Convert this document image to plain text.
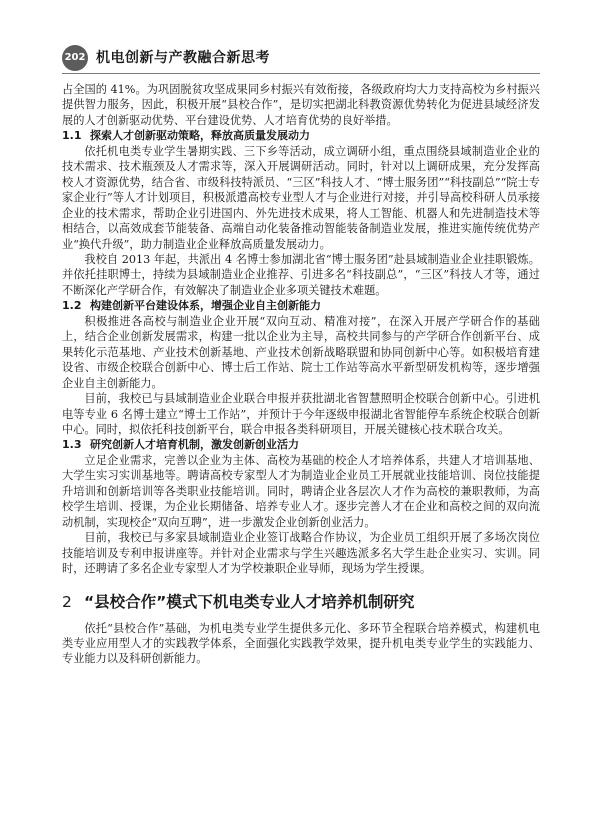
202 机电创新与产教融合新思考

占全国的 41%。为巩固脱贫攻坚成果同乡村振兴有效衔接，各级政府均大力支持高校为乡村振兴提供智力服务，因此，积极开展“县校合作”，是切实把湖北科教资源优势转化为促进县域经济发展的人才创新驱动优势、平台建设优势、人才培育优势的良好举措。

1.1 探索人才创新驱动策略，释放高质量发展动力

依托机电类专业学生暑期实践、三下乡等活动，成立调研小组，重点围绕县域制造业企业的技术需求、技术瓶颈及人才需求等，深入开展调研活动。同时，针对以上调研成果，充分发挥高校人才资源优势，结合省、市级科技特派员、“三区”科技人才、“博士服务团”“科技副总”“院士专家企业行”等人才计划项目，积极派遣高校专业型人才与企业进行对接，并引导高校科研人员承接企业的技术需求，帮助企业引进国内、外先进技术成果，将人工智能、机器人和先进制造技术等相结合，以高效成套节能装备、高端自动化装备推动智能装备制造业发展，推进实施传统优势产业“换代升级”，助力制造业企业释放高质量发展动力。

我校自 2013 年起，共派出 4 名博士参加湖北省“博士服务团”赴县域制造业企业挂职锻炼。并依托挂职博士，持续为县域制造业企业推荐、引进多名“科技副总”，“三区”科技人才等，通过不断深化产学研合作，有效解决了制造业企业多项关键技术难题。

1.2 构建创新平台建设体系，增强企业自主创新能力

积极推进各高校与制造业企业开展“双向互动、精准对接”，在深入开展产学研合作的基础上，结合企业创新发展需求，构建一批以企业为主导，高校共同参与的产学研合作创新平台、成果转化示范基地、产业技术创新基地、产业技术创新战略联盟和协同创新中心等。如积极培育建设省、市级企校联合创新中心、博士后工作站、院士工作站等高水平新型研发机构等，逐步增强企业自主创新能力。

目前，我校已与县域制造业企业联合申报并获批湖北省智慧照明企校联合创新中心。引进机电等专业 6 名博士建立“博士工作站”，并预计于今年逐级申报湖北省智能停车系统企校联合创新中心。同时，拟依托科技创新平台，联合申报各类科研项目，开展关键核心技术联合攻关。

1.3 研究创新人才培育机制，激发创新创业活力

立足企业需求，完善以企业为主体、高校为基础的校企人才培养体系，共建人才培训基地、大学生实习实训基地等。聘请高校专家型人才为制造业企业员工开展就业技能培训、岗位技能提升培训和创新培训等各类职业技能培训。同时，聘请企业各层次人才作为高校的兼职教师，为高校学生培训、授课，为企业长期储备、培养专业人才。逐步完善人才在企业和高校之间的双向流动机制，实现校企“双向互聘”，进一步激发企业创新创业活力。

目前，我校已与多家县域制造业企业签订战略合作协议，为企业员工组织开展了多场次岗位技能培训及专利申报讲座等。并针对企业需求与学生兴趣选派多名大学生赴企业实习、实训。同时，还聘请了多名企业专家型人才为学校兼职企业导师，现场为学生授课。

2 “县校合作”模式下机电类专业人才培养机制研究

依托“县校合作”基础，为机电类专业学生提供多元化、多环节全程联合培养模式，构建机电类专业应用型人才的实践教学体系，全面强化实践教学效果，提升机电类专业学生的实践能力、专业能力以及科研创新能力。
